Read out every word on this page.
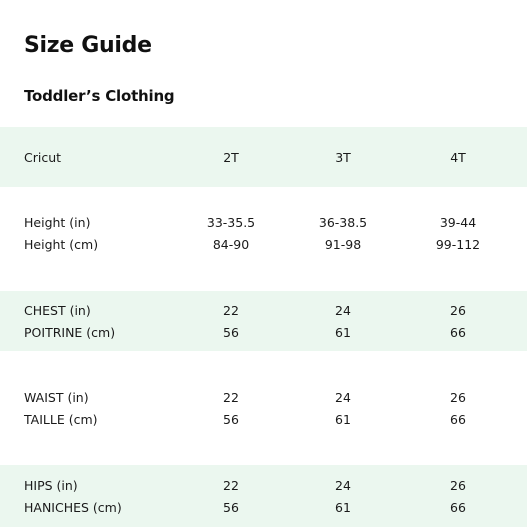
Size Guide
Toddler’s Clothing
Cricut	2T	3T	4T
Height (in)	33-35.5	36-38.5	39-44
Height (cm)	84-90	91-98	99-112
CHEST (in)	22	24	26
POITRINE (cm)	56	61	66
WAIST (in)	22	24	26
TAILLE (cm)	56	61	66
HIPS (in)	22	24	26
HANICHES (cm)	56	61	66
